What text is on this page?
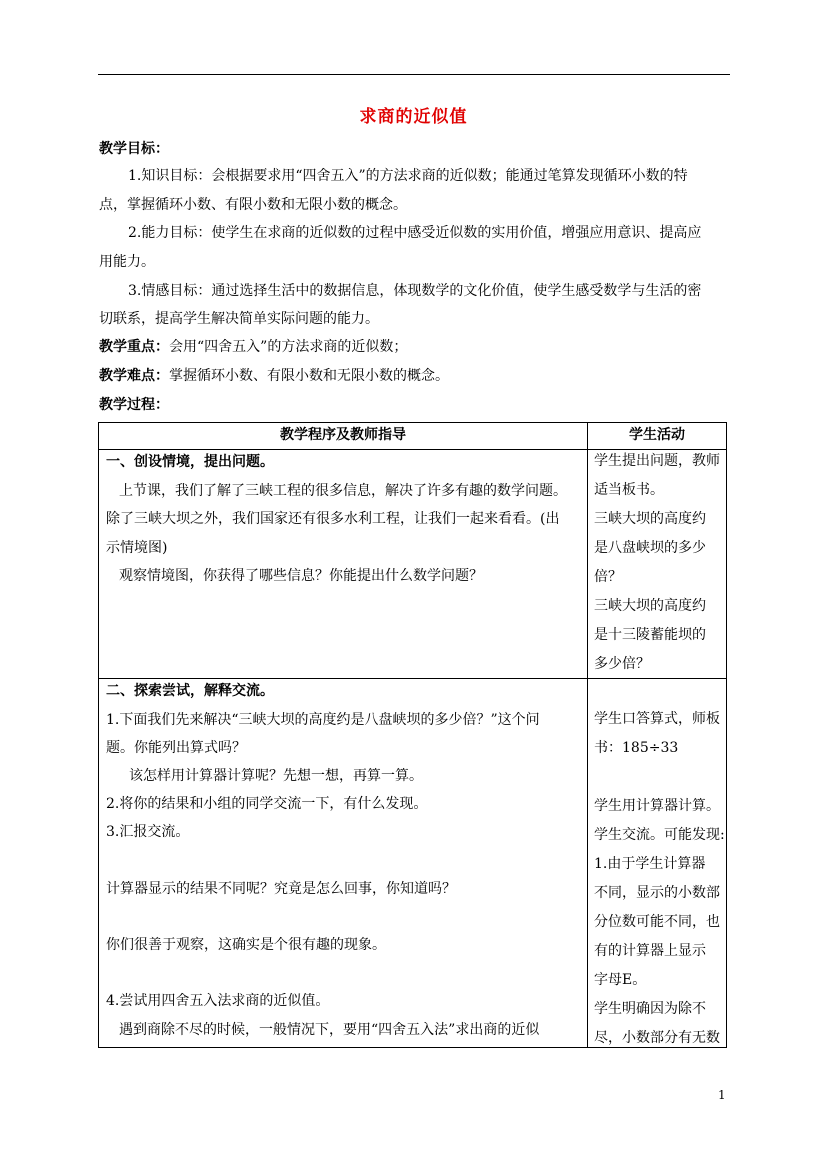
求商的近似值
教学目标：
1.知识目标：会根据要求用“四舍五入”的方法求商的近似数；能通过笔算发现循环小数的特
点，掌握循环小数、有限小数和无限小数的概念。
2.能力目标：使学生在求商的近似数的过程中感受近似数的实用价值，增强应用意识、提高应
用能力。
3.情感目标：通过选择生活中的数据信息，体现数学的文化价值，使学生感受数学与生活的密
切联系，提高学生解决简单实际问题的能力。
教学重点：会用“四舍五入”的方法求商的近似数；
教学难点：掌握循环小数、有限小数和无限小数的概念。
教学过程：
教学程序及教师指导	学生活动
一、创设情境，提出问题。
上节课，我们了解了三峡工程的很多信息，解决了许多有趣的数学问题。
除了三峡大坝之外，我们国家还有很多水利工程，让我们一起来看看。(出
示情境图)
观察情境图，你获得了哪些信息？你能提出什么数学问题？
学生提出问题，教师
适当板书。
三峡大坝的高度约
是八盘峡坝的多少
倍？
三峡大坝的高度约
是十三陵蓄能坝的
多少倍？
二、探索尝试，解释交流。
1.下面我们先来解决“三峡大坝的高度约是八盘峡坝的多少倍？”这个问
题。你能列出算式吗？
该怎样用计算器计算呢？先想一想，再算一算。
2.将你的结果和小组的同学交流一下，有什么发现。
3.汇报交流。
计算器显示的结果不同呢？究竟是怎么回事，你知道吗？
你们很善于观察，这确实是个很有趣的现象。
4.尝试用四舍五入法求商的近似值。
遇到商除不尽的时候，一般情况下，要用“四舍五入法”求出商的近似
学生口答算式，师板
书：185÷33

学生用计算器计算。
学生交流。可能发现:
1.由于学生计算器
不同，显示的小数部
分位数可能不同，也
有的计算器上显示
字母E。
学生明确因为除不
尽，小数部分有无数
1
